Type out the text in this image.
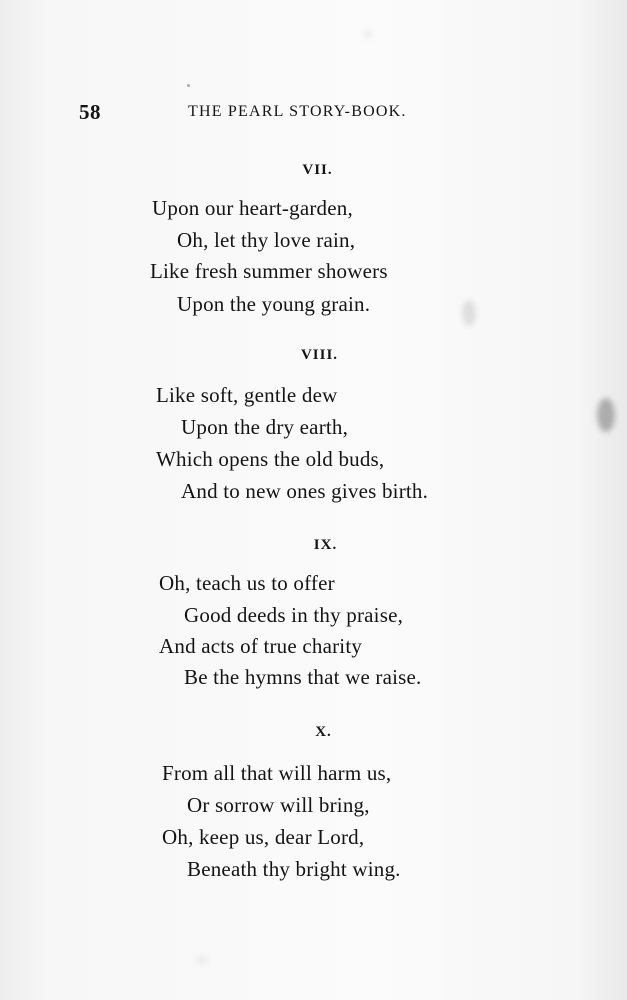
58	THE PEARL STORY-BOOK.
VII.
Upon our heart-garden,
Oh, let thy love rain,
Like fresh summer showers
Upon the young grain.
VIII.
Like soft, gentle dew
Upon the dry earth,
Which opens the old buds,
And to new ones gives birth.
IX.
Oh, teach us to offer
Good deeds in thy praise,
And acts of true charity
Be the hymns that we raise.
X.
From all that will harm us,
Or sorrow will bring,
Oh, keep us, dear Lord,
Beneath thy bright wing.
